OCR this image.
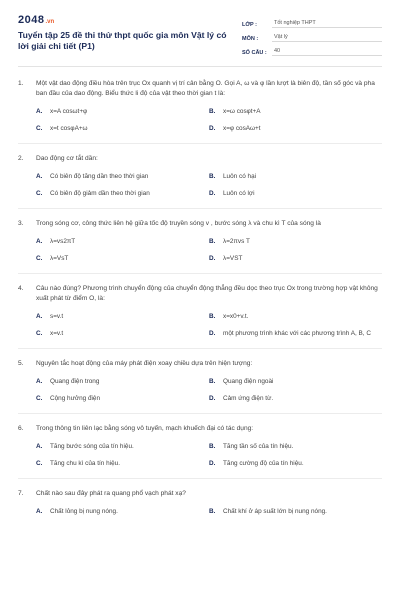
2048 .vn
Tuyển tập 25 đề thi thử thpt quốc gia môn Vật lý có lời giải chi tiết (P1)
LỚP :	Tốt nghiệp THPT
MÔN :	Vật lý
SỐ CÂU :	40
1.	Một vật dao động điều hòa trên trục Ox quanh vị trí cân bằng O. Gọi A, ω và φ lần lượt là biên độ, tần số góc và pha ban đầu của dao động. Biểu thức li độ của vật theo thời gian t là:
A.	x=A cosωt+φ	B.	x=ω cosφt+A
C.	x=t cosφA+ω	D.	x=φ cosAω+t
2.	Dao động cơ tắt dần:
A.	Có biên độ tăng dần theo thời gian	B.	Luôn có hại
C.	Có biên độ giảm dần theo thời gian	D.	Luôn có lợi
3.	Trong sóng cơ, công thức liên hệ giữa tốc độ truyền sóng v , bước sóng λ và chu kì T của sóng là
A.	λ=vs2πT	B.	λ=2πvs T
C.	λ=VsT	D.	λ=VST
4.	Câu nào đúng? Phương trình chuyển động của chuyển động thẳng đều dọc theo trục Ox trong trường hợp vật không xuất phát từ điểm O, là:
A.	s=v.t	B.	x=x0+v.t.
C.	x=v.t	D.	một phương trình khác với các phương trình A, B, C
5.	Nguyên tắc hoạt động của máy phát điện xoay chiều dựa trên hiện tượng:
A.	Quang điện trong	B.	Quang điện ngoài
C.	Cộng hưởng điện	D.	Cảm ứng điện từ.
6.	Trong thông tin liên lạc bằng sóng vô tuyến, mạch khuếch đại có tác dụng:
A.	Tăng bước sóng của tín hiệu.	B.	Tăng tần số của tín hiệu.
C.	Tăng chu kì của tín hiệu.	D.	Tăng cường độ của tín hiệu.
7.	Chất nào sau đây phát ra quang phổ vạch phát xạ?
A.	Chất lỏng bị nung nóng.	B.	Chất khí ở áp suất lớn bị nung nóng.
